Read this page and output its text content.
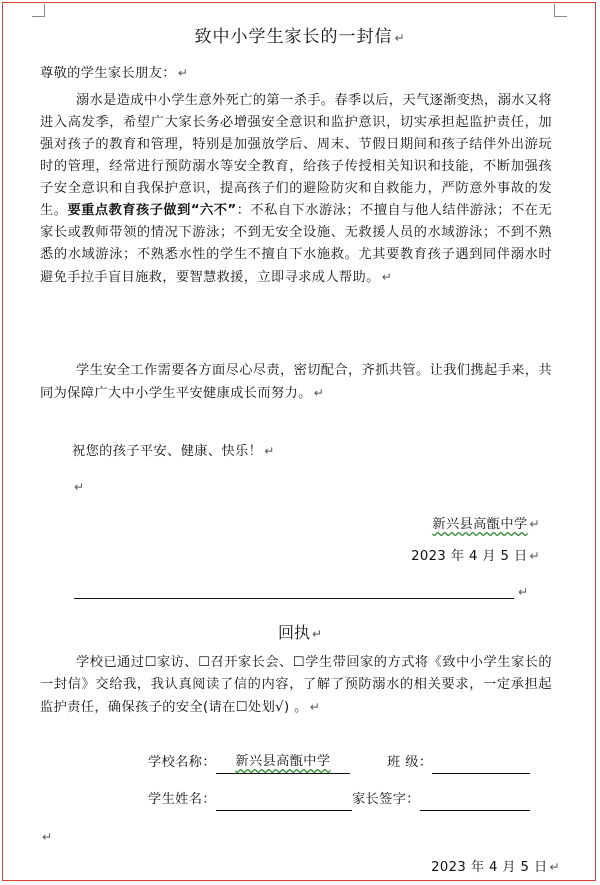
致中小学生家长的一封信 ↵
尊敬的学生家长朋友： ↵
溺水是造成中小学生意外死亡的第一杀手。春季以后，天气逐渐变热，溺水又将进入高发季，希望广大家长务必增强安全意识和监护意识，切实承担起监护责任，加强对孩子的教育和管理，特别是加强放学后、周末、节假日期间和孩子结伴外出游玩时的管理，经常进行预防溺水等安全教育，给孩子传授相关知识和技能，不断加强孩子安全意识和自我保护意识，提高孩子们的避险防灾和自救能力，严防意外事故的发生。要重点教育孩子做到“六不”：不私自下水游泳；不擅自与他人结伴游泳；不在无家长或教师带领的情况下游泳；不到无安全设施、无救援人员的水域游泳；不到不熟悉的水域游泳；不熟悉水性的学生不擅自下水施救。尤其要教育孩子遇到同伴溺水时避免手拉手盲目施救，要智慧救援，立即寻求成人帮助。 ↵
学生安全工作需要各方面尽心尽责，密切配合，齐抓共管。让我们携起手来，共同为保障广大中小学生平安健康成长而努力。 ↵
祝您的孩子平安、健康、快乐！ ↵
↵
新兴县高甑中学 ↵
2023 年 4 月 5 日 ↵
↵
回执 ↵
学校已通过☐家访、☐召开家长会、☐学生带回家的方式将《致中小学生家长的一封信》交给我，我认真阅读了信的内容，了解了预防溺水的相关要求，一定承担起监护责任，确保孩子的安全(请在☐处划√) 。 ↵
学校名称： 新兴县高甑中学	班 级：
学生姓名：	家长签字：
↵
2023 年 4 月 5 日 ↵
